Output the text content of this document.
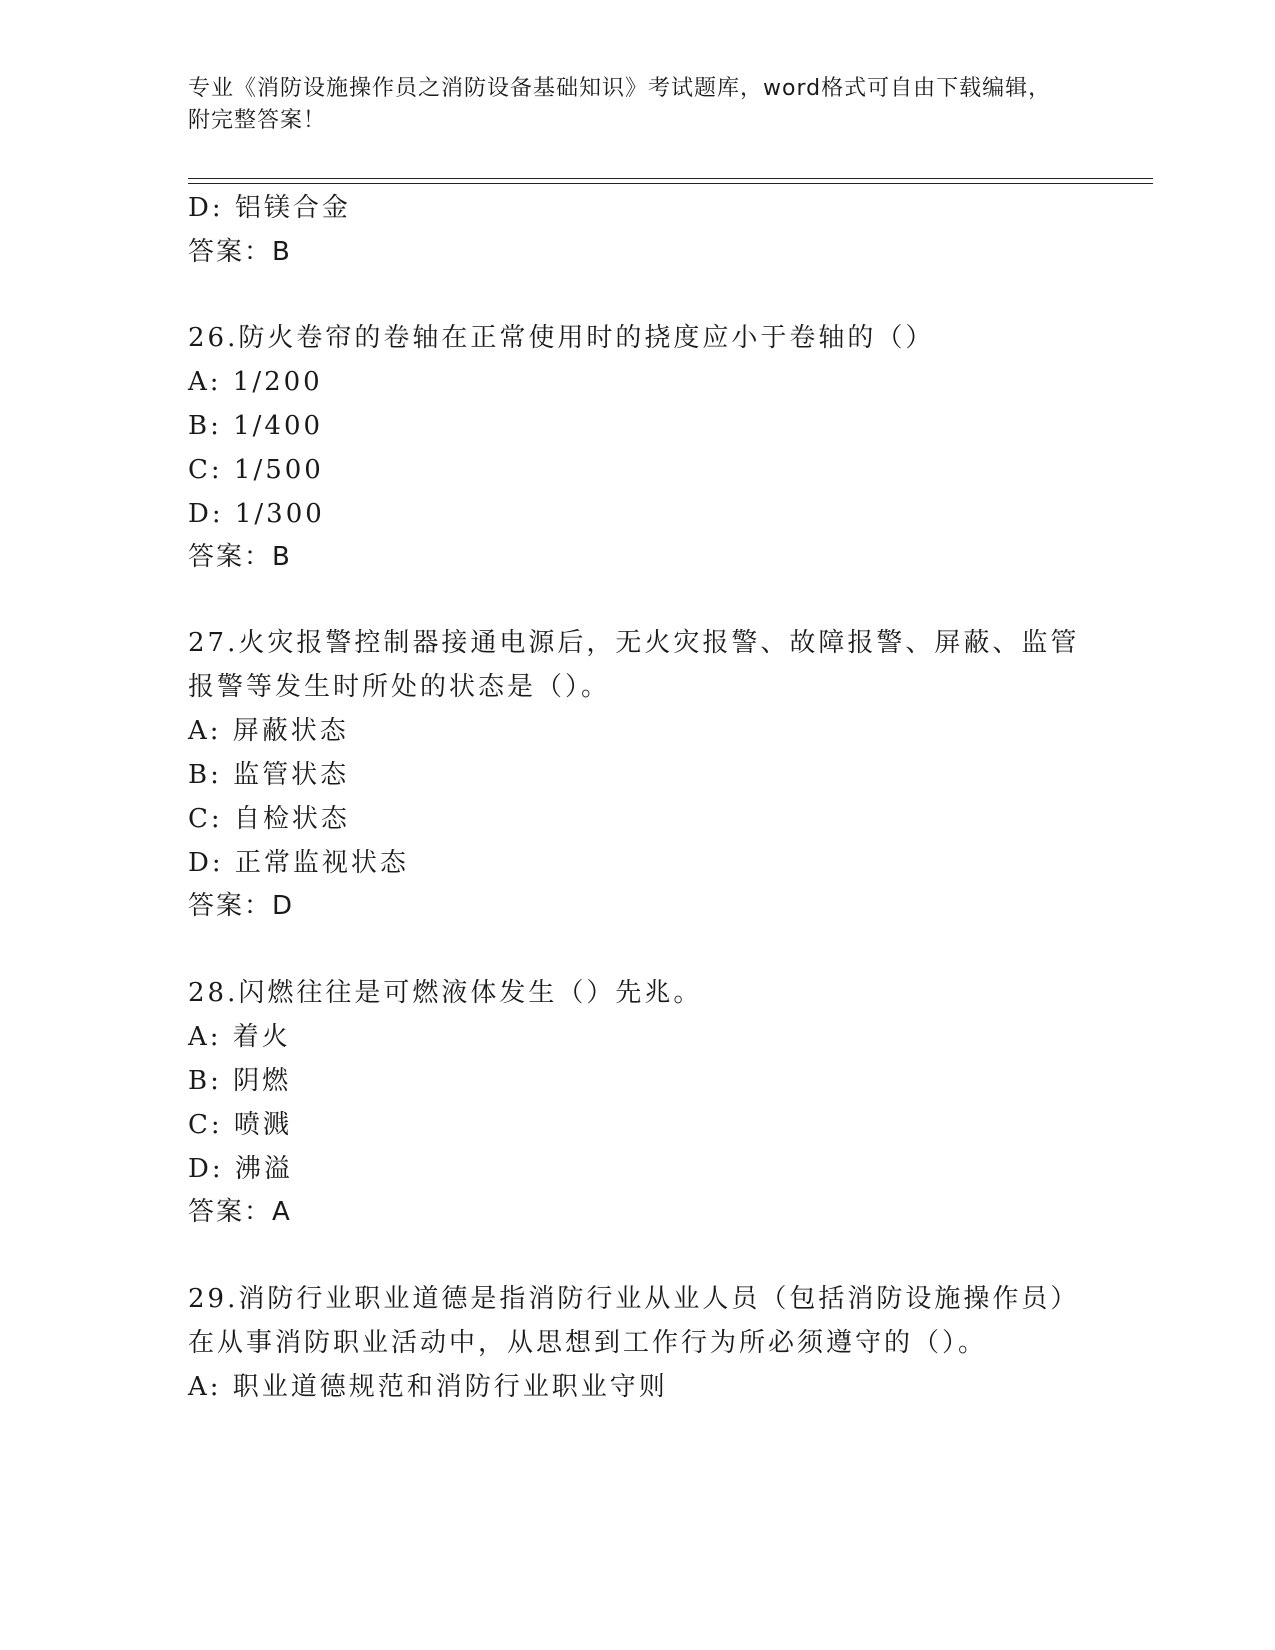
专业《消防设施操作员之消防设备基础知识》考试题库，word格式可自由下载编辑，附完整答案！
D: 铝镁合金
答案：B
26.防火卷帘的卷轴在正常使用时的挠度应小于卷轴的（）
A: 1/200
B: 1/400
C: 1/500
D: 1/300
答案：B
27.火灾报警控制器接通电源后，无火灾报警、故障报警、屏蔽、监管
报警等发生时所处的状态是（）。
A: 屏蔽状态
B: 监管状态
C: 自检状态
D: 正常监视状态
答案：D
28.闪燃往往是可燃液体发生（）先兆。
A: 着火
B: 阴燃
C: 喷溅
D: 沸溢
答案：A
29.消防行业职业道德是指消防行业从业人员（包括消防设施操作员）
在从事消防职业活动中，从思想到工作行为所必须遵守的（）。
A: 职业道德规范和消防行业职业守则
